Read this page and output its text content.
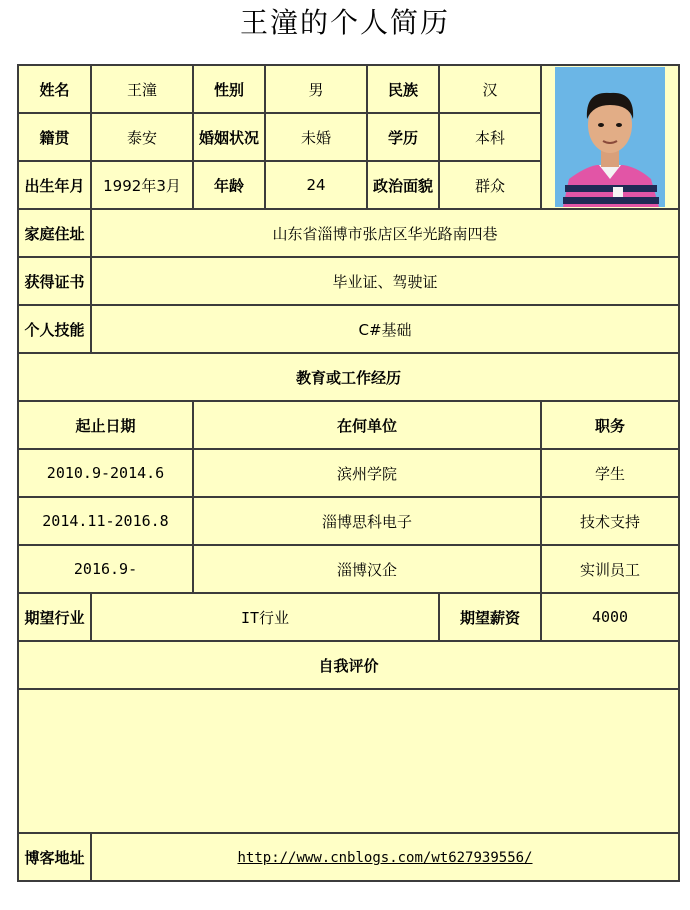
王潼的个人简历
姓名	王潼	性别	男	民族	汉	

籍贯	泰安	婚姻状况	未婚	学历	本科	
出生年月	1992年3月	年龄	24	政治面貌	群众	
家庭住址	山东省淄博市张店区华光路南四巷					
获得证书	毕业证、驾驶证					
个人技能	C#基础					
教育或工作经历						
起止日期		在何单位				职务
2010.9-2014.6		滨州学院				学生
2014.11-2016.8		淄博思科电子				技术支持
2016.9-		淄博汉企				实训员工
期望行业	IT行业				期望薪资	4000
自我评价						

博客地址	http://www.cnblogs.com/wt627939556/					
